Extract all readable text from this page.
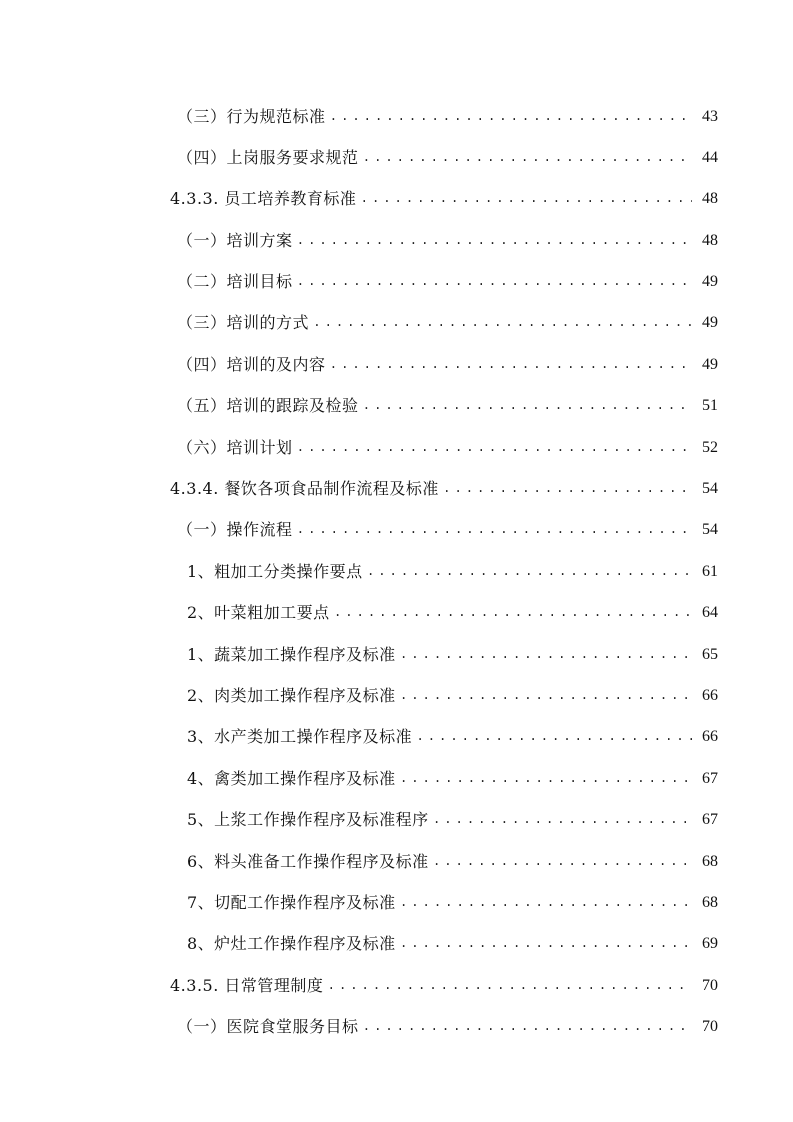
（三）行为规范标准 .....	43
（四）上岗服务要求规范 .....	44
4.3.3. 员工培养教育标准 .....	48
（一）培训方案 .....	48
（二）培训目标 .....	49
（三）培训的方式 .....	49
（四）培训的及内容 .....	49
（五）培训的跟踪及检验 .....	51
（六）培训计划 .....	52
4.3.4. 餐饮各项食品制作流程及标准 .....	54
（一）操作流程 .....	54
1、粗加工分类操作要点 .....	61
2、叶菜粗加工要点 .....	64
1、蔬菜加工操作程序及标准 .....	65
2、肉类加工操作程序及标准 .....	66
3、水产类加工操作程序及标准 .....	66
4、禽类加工操作程序及标准 .....	67
5、上浆工作操作程序及标准程序 .....	67
6、料头准备工作操作程序及标准 .....	68
7、切配工作操作程序及标准 .....	68
8、炉灶工作操作程序及标准 .....	69
4.3.5. 日常管理制度 .....	70
（一）医院食堂服务目标 .....	70
